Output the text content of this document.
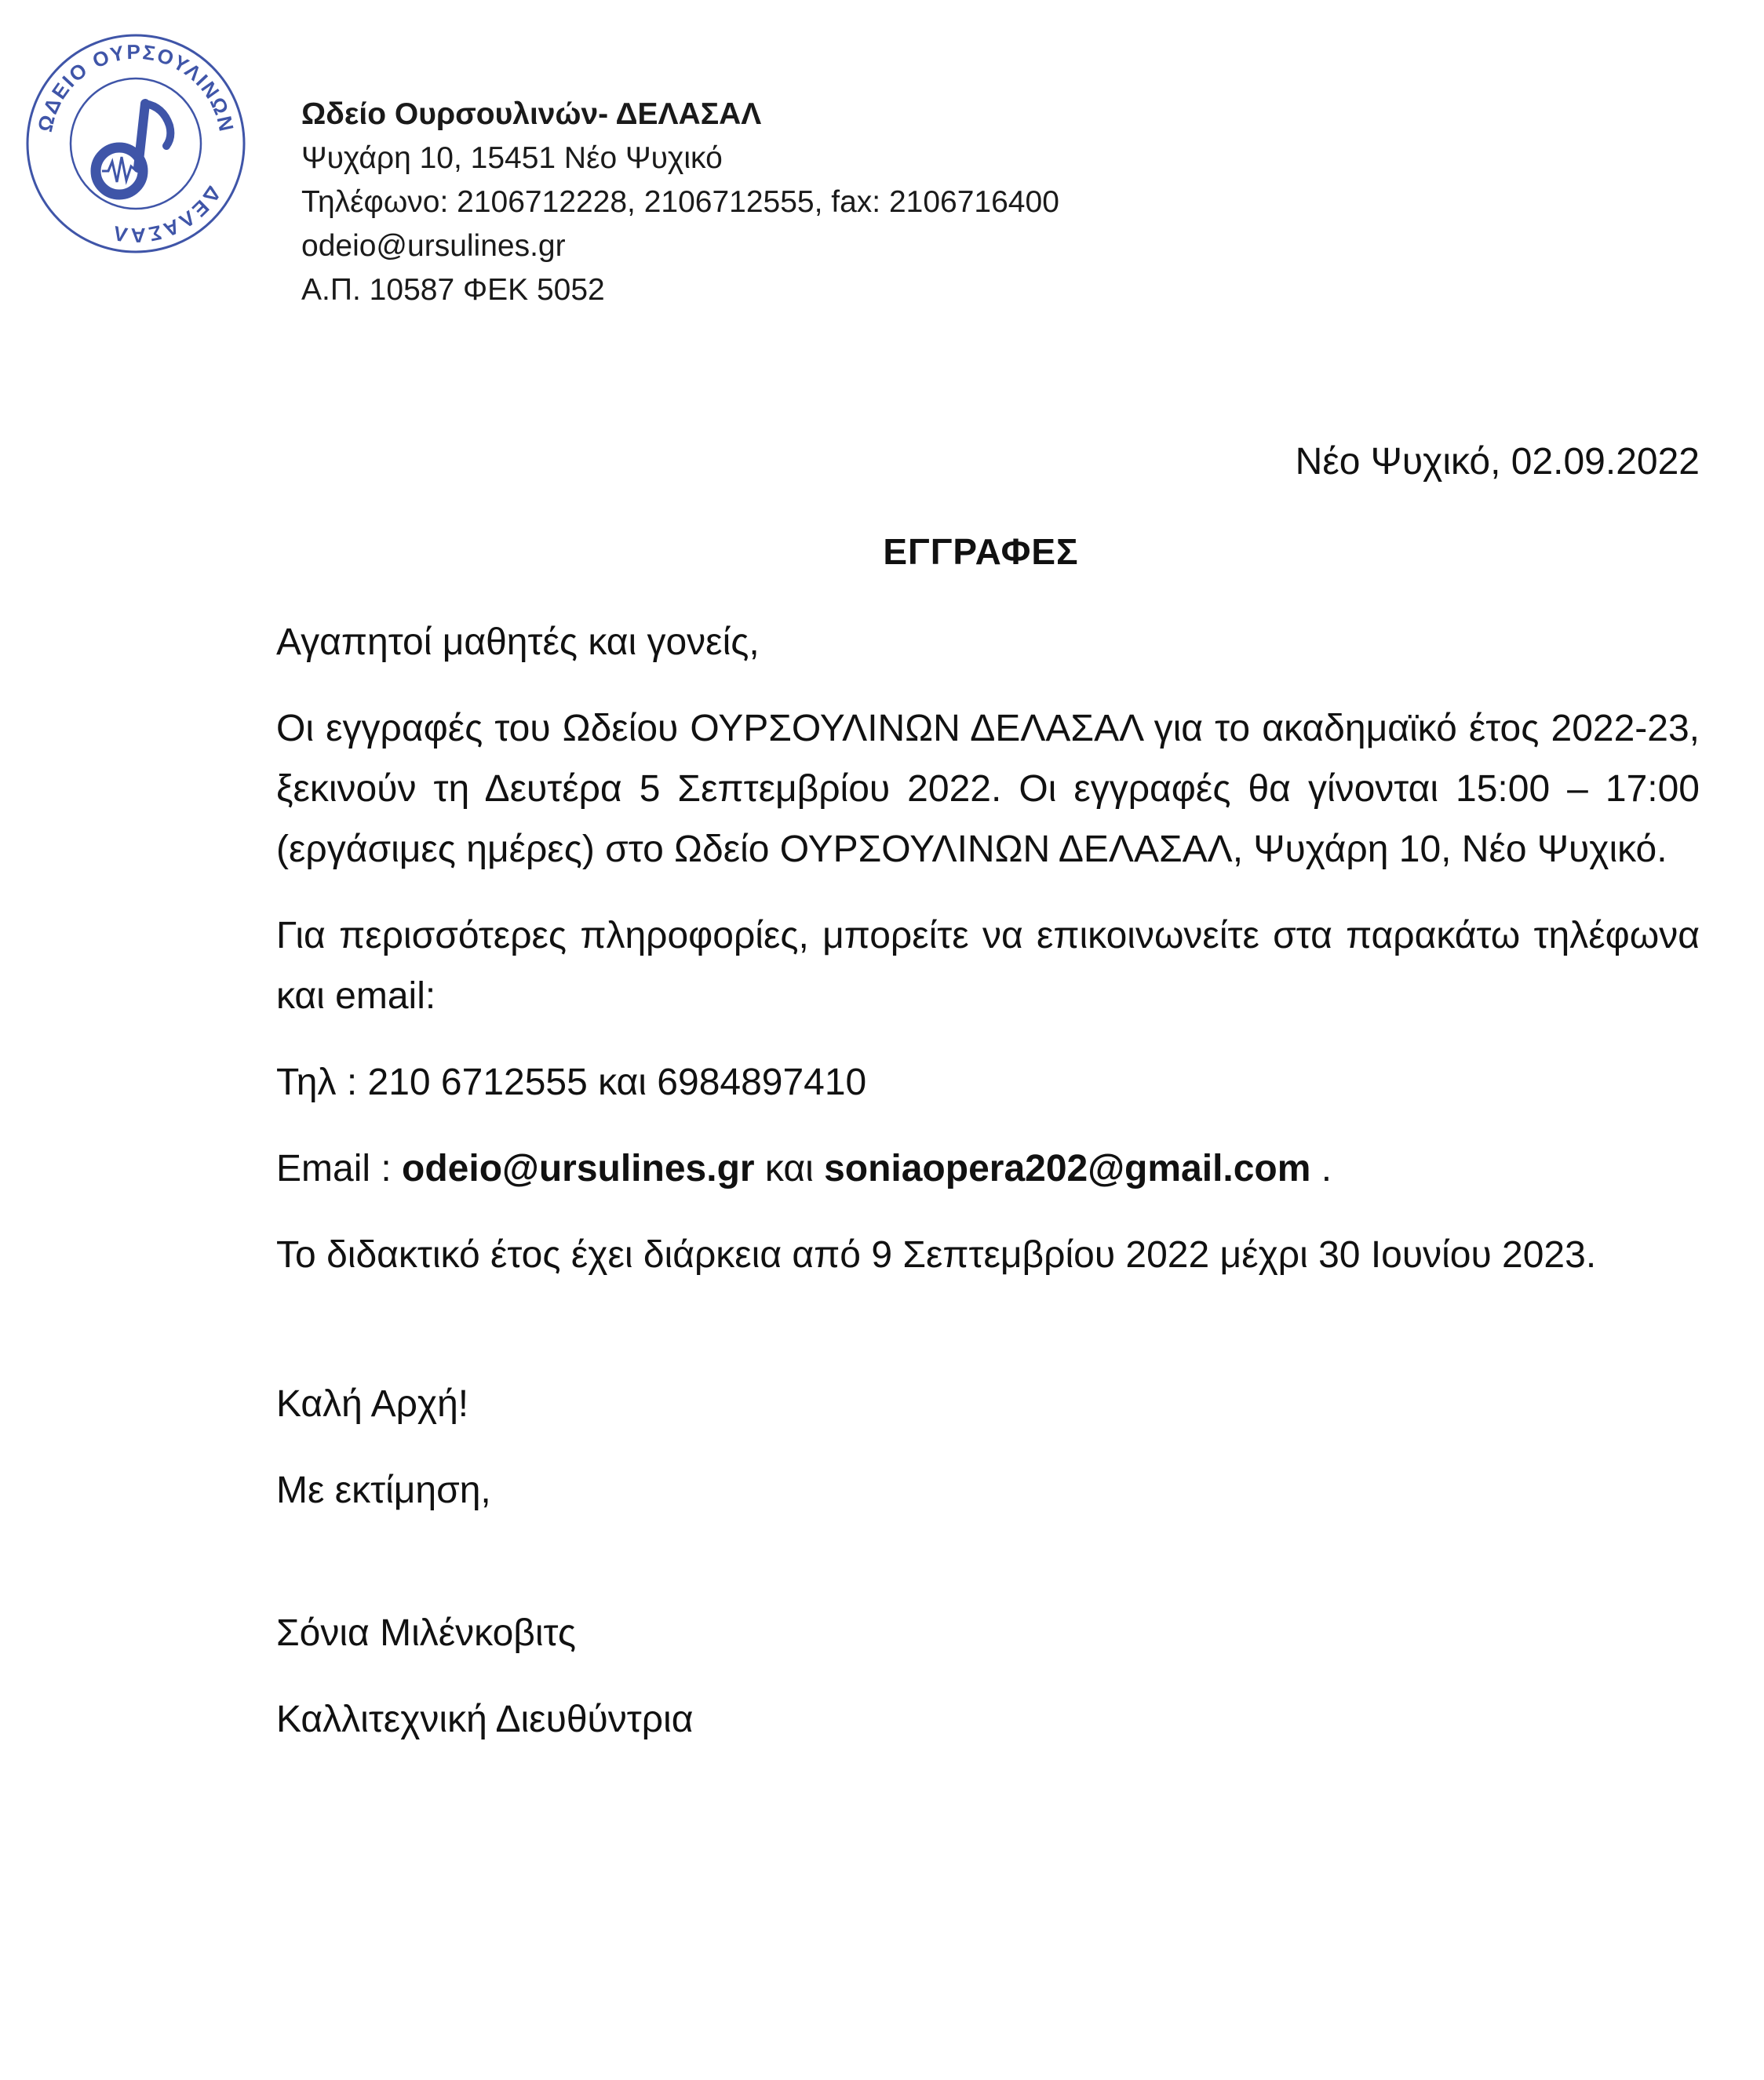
ΩΔΕΙΟ ΟΥΡΣΟΥΛΙΝΩΝ
ΔΕΛΑΣΑΛ
Ωδείο Ουρσουλινών- ΔΕΛΑΣΑΛ
Ψυχάρη 10, 15451 Νέο Ψυχικό
Τηλέφωνο: 2106712228, 2106712555, fax: 2106716400
odeio@ursulines.gr
Α.Π. 10587 ΦΕΚ 5052
Νέο Ψυχικό, 02.09.2022
ΕΓΓΡΑΦΕΣ

Αγαπητοί μαθητές και γονείς,

Οι εγγραφές του Ωδείου ΟΥΡΣΟΥΛΙΝΩΝ ΔΕΛΑΣΑΛ για το ακαδημαϊκό έτος 2022-23, ξεκινούν τη Δευτέρα 5 Σεπτεμβρίου 2022. Οι εγγραφές θα γίνονται 15:00 – 17:00 (εργάσιμες ημέρες) στο Ωδείο ΟΥΡΣΟΥΛΙΝΩΝ ΔΕΛΑΣΑΛ, Ψυχάρη 10, Νέο Ψυχικό.

Για περισσότερες πληροφορίες, μπορείτε να επικοινωνείτε στα παρακάτω τηλέφωνα και email:

Τηλ : 210 6712555 και 6984897410

Email : odeio@ursulines.gr και soniaopera202@gmail.com .

Το διδακτικό έτος έχει διάρκεια από 9 Σεπτεμβρίου 2022 μέχρι 30 Ιουνίου 2023.

Καλή Αρχή!

Με εκτίμηση,

Σόνια Μιλένκοβιτς

Καλλιτεχνική Διευθύντρια
